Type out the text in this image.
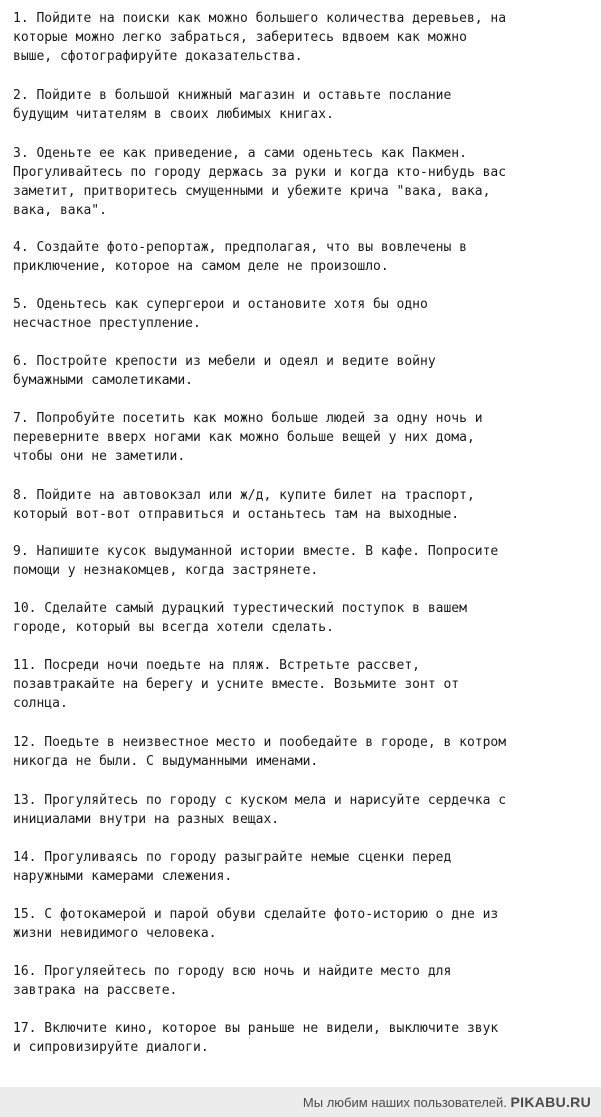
1. Пойдите на поиски как можно большего количества деревьев, на
которые можно легко забраться, заберитесь вдвоем как можно
выше, сфотографируйте доказательства.
2. Пойдите в большой книжный магазин и оставьте послание
будущим читателям в своих любимых книгах.
3. Оденьте ее как приведение, а сами оденьтесь как Пакмен.
Прогуливайтесь по городу держась за руки и когда кто-нибудь вас
заметит, притворитесь смущенными и убежите крича "вака, вака,
вака, вака".
4. Создайте фото-репортаж, предполагая, что вы вовлечены в
приключение, которое на самом деле не произошло.
5. Оденьтесь как супергерои и остановите хотя бы одно
несчастное преступление.
6. Постройте крепости из мебели и одеял и ведите войну
бумажными самолетиками.
7. Попробуйте посетить как можно больше людей за одну ночь и
переверните вверх ногами как можно больше вещей у них дома,
чтобы они не заметили.
8. Пойдите на автовокзал или ж/д, купите билет на траспорт,
который вот-вот отправиться и останьтесь там на выходные.
9. Напишите кусок выдуманной истории вместе. В кафе. Попросите
помощи у незнакомцев, когда застрянете.
10. Сделайте самый дурацкий турестический поступок в вашем
городе, который вы всегда хотели сделать.
11. Посреди ночи поедьте на пляж. Встретьте рассвет,
позавтракайте на берегу и усните вместе. Возьмите зонт от
солнца.
12. Поедьте в неизвестное место и пообедайте в городе, в котром
никогда не были. С выдуманными именами.
13. Прогуляйтесь по городу с куском мела и нарисуйте сердечка с
инициалами внутри на разных вещах.
14. Прогуливаясь по городу разыграйте немые сценки перед
наружными камерами слежения.
15. С фотокамерой и парой обуви сделайте фото-историю о дне из
жизни невидимого человека.
16. Прогуляейтесь по городу всю ночь и найдите место для
завтрака на рассвете.
17. Включите кино, которое вы раньше не видели, выключите звук
и сипровизируйте диалоги.
Мы любим наших пользователей. PIKABU.RU
